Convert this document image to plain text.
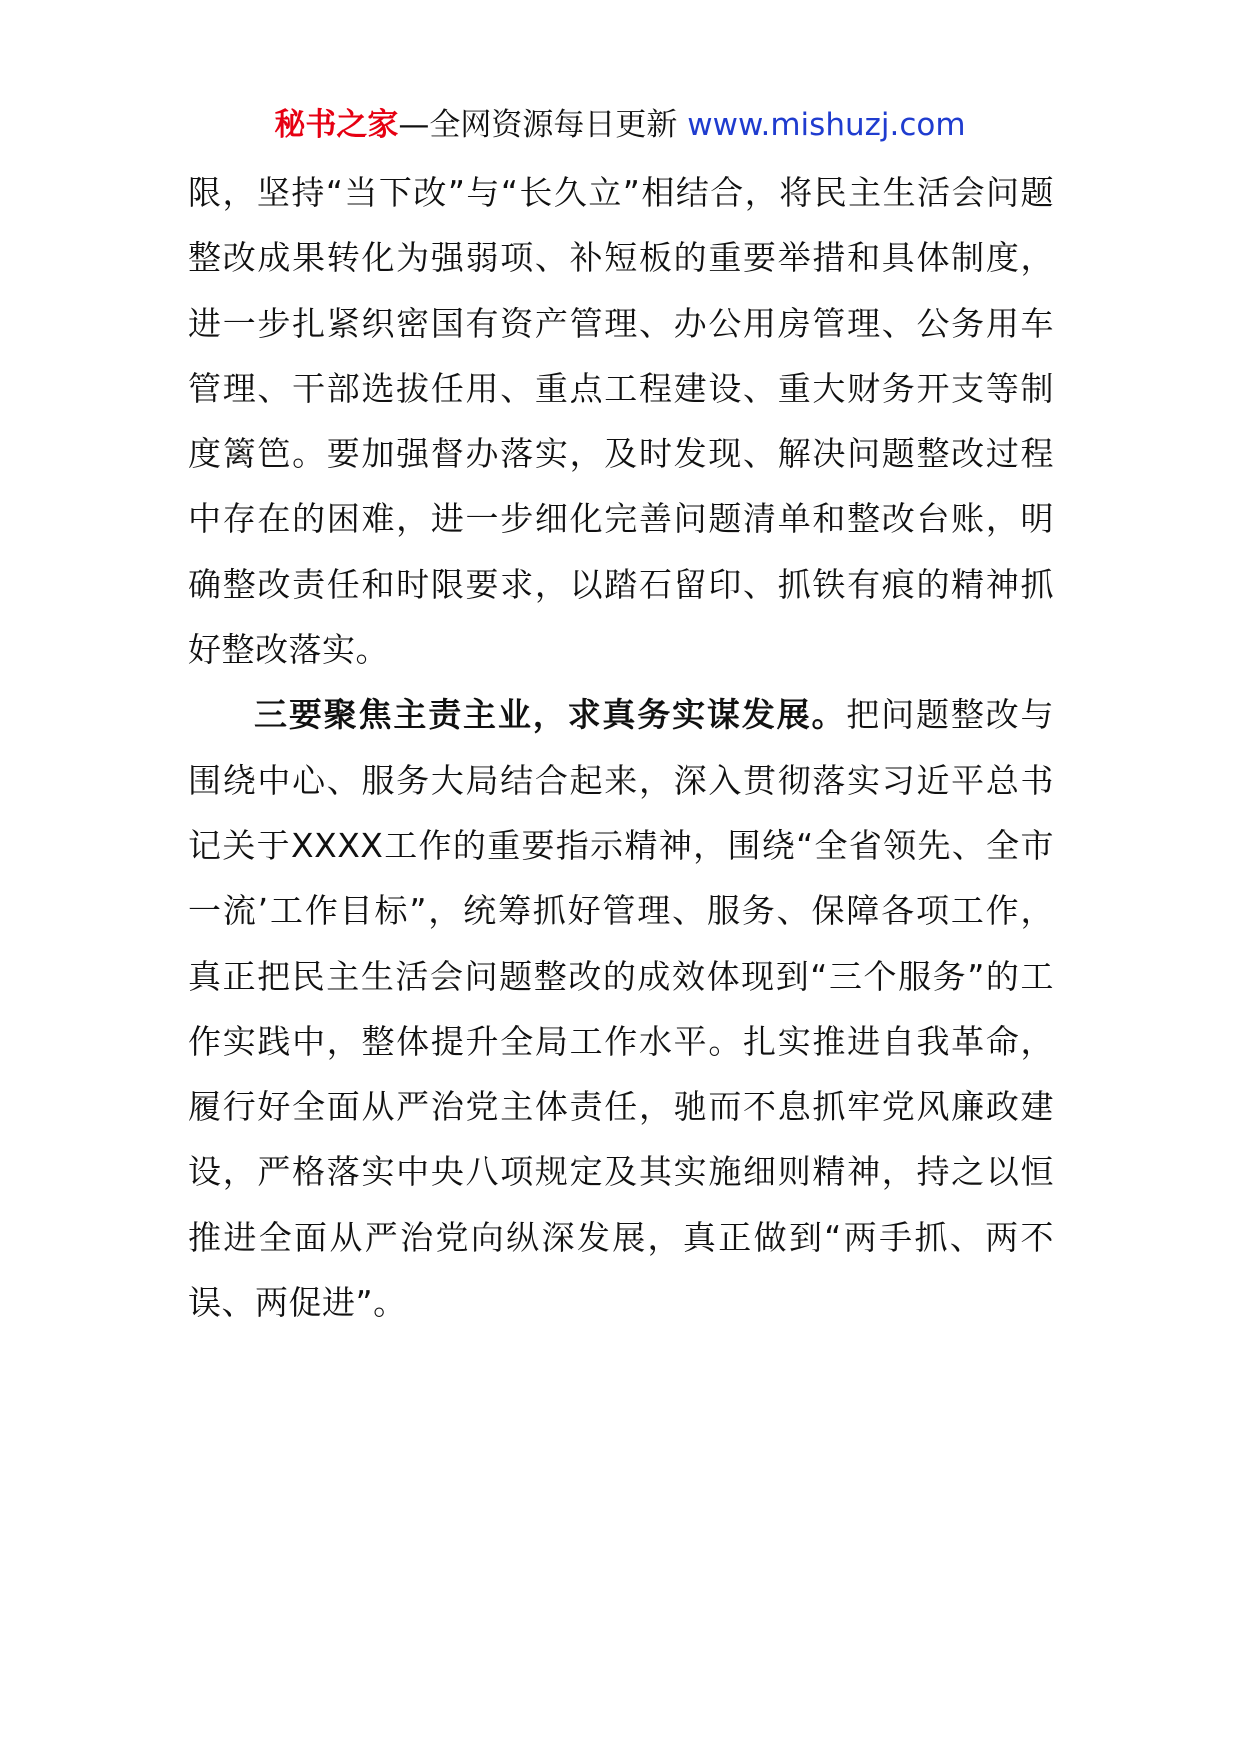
秘书之家—全网资源每日更新 www.mishuzj.com

限，坚持“当下改”与“长久立”相结合，将民主生活会问题整改成果转化为强弱项、补短板的重要举措和具体制度，进一步扎紧织密国有资产管理、办公用房管理、公务用车管理、干部选拔任用、重点工程建设、重大财务开支等制度篱笆。要加强督办落实，及时发现、解决问题整改过程中存在的困难，进一步细化完善问题清单和整改台账，明确整改责任和时限要求，以踏石留印、抓铁有痕的精神抓好整改落实。

三要聚焦主责主业，求真务实谋发展。把问题整改与围绕中心、服务大局结合起来，深入贯彻落实习近平总书记关于XXXX工作的重要指示精神，围绕“全省领先、全市一流’工作目标”，统筹抓好管理、服务、保障各项工作，真正把民主生活会问题整改的成效体现到“三个服务”的工作实践中，整体提升全局工作水平。扎实推进自我革命，履行好全面从严治党主体责任，驰而不息抓牢党风廉政建设，严格落实中央八项规定及其实施细则精神，持之以恒推进全面从严治党向纵深发展，真正做到“两手抓、两不误、两促进”。
